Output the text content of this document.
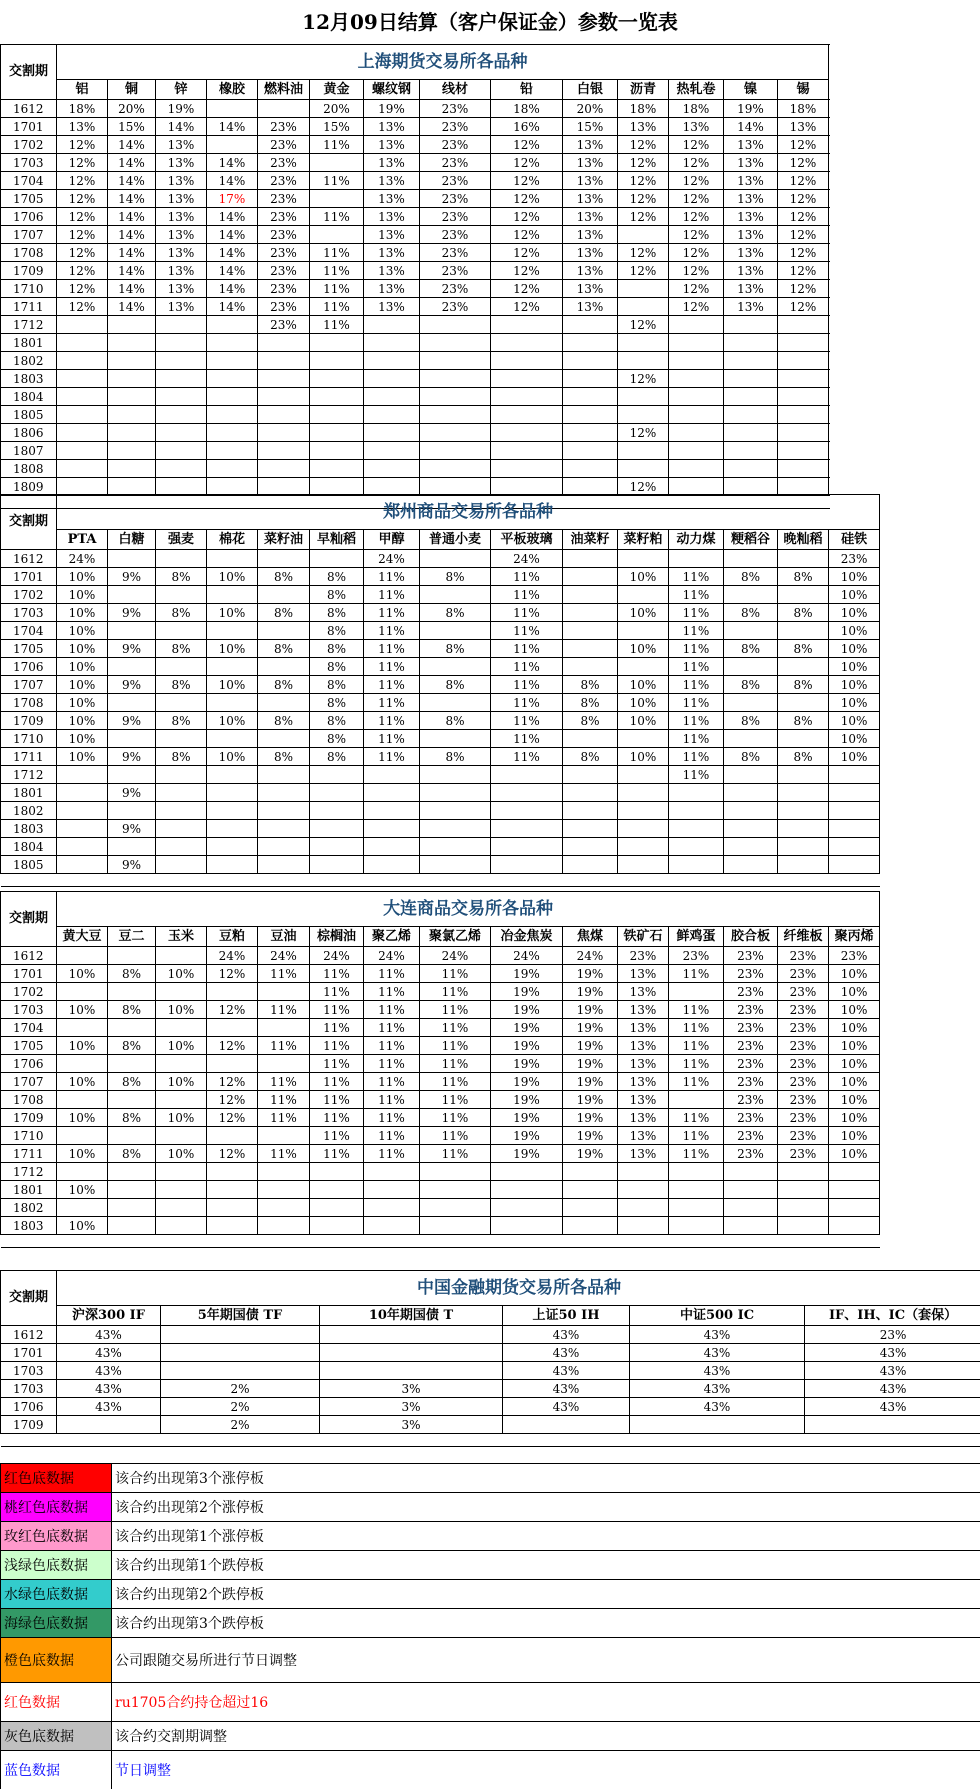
12月09日结算（客户保证金）参数一览表
交割期	上海期货交易所各品种														
	铝	铜	锌	橡胶	燃料油	黄金	螺纹钢	线材	铅	白银	沥青	热轧卷	镍	锡	
1612	18%	20%	19%			20%	19%	23%	18%	20%	18%	18%	19%	18%	
1701	13%	15%	14%	14%	23%	15%	13%	23%	16%	15%	13%	13%	14%	13%	
1702	12%	14%	13%		23%	11%	13%	23%	12%	13%	12%	12%	13%	12%	
1703	12%	14%	13%	14%	23%		13%	23%	12%	13%	12%	12%	13%	12%	
1704	12%	14%	13%	14%	23%	11%	13%	23%	12%	13%	12%	12%	13%	12%	
1705	12%	14%	13%	17%	23%		13%	23%	12%	13%	12%	12%	13%	12%	
1706	12%	14%	13%	14%	23%	11%	13%	23%	12%	13%	12%	12%	13%	12%	
1707	12%	14%	13%	14%	23%		13%	23%	12%	13%		12%	13%	12%	
1708	12%	14%	13%	14%	23%	11%	13%	23%	12%	13%	12%	12%	13%	12%	
1709	12%	14%	13%	14%	23%	11%	13%	23%	12%	13%	12%	12%	13%	12%	
1710	12%	14%	13%	14%	23%	11%	13%	23%	12%	13%		12%	13%	12%	
1711	12%	14%	13%	14%	23%	11%	13%	23%	12%	13%		12%	13%	12%	
1712					23%	11%					12%				
1801															
1802															
1803											12%				
1804															
1805															
1806											12%				
1807															
1808															
1809											12%				

交割期	郑州商品交易所各品种															
	PTA	白糖	强麦	棉花	菜籽油	早籼稻	甲醇	普通小麦	平板玻璃	油菜籽	菜籽粕	动力煤	粳稻谷	晚籼稻	硅铁	
1612	24%						24%		24%						23%	
1701	10%	9%	8%	10%	8%	8%	11%	8%	11%		10%	11%	8%	8%	10%	
1702	10%					8%	11%		11%			11%			10%	
1703	10%	9%	8%	10%	8%	8%	11%	8%	11%		10%	11%	8%	8%	10%	
1704	10%					8%	11%		11%			11%			10%	
1705	10%	9%	8%	10%	8%	8%	11%	8%	11%		10%	11%	8%	8%	10%	
1706	10%					8%	11%		11%			11%			10%	
1707	10%	9%	8%	10%	8%	8%	11%	8%	11%	8%	10%	11%	8%	8%	10%	
1708	10%					8%	11%		11%	8%	10%	11%			10%	
1709	10%	9%	8%	10%	8%	8%	11%	8%	11%	8%	10%	11%	8%	8%	10%	
1710	10%					8%	11%		11%			11%			10%	
1711	10%	9%	8%	10%	8%	8%	11%	8%	11%	8%	10%	11%	8%	8%	10%	
1712												11%				
1801		9%														
1802																
1803		9%														
1804																
1805		9%														

交割期	大连商品交易所各品种															
	黄大豆	豆二	玉米	豆粕	豆油	棕榈油	聚乙烯	聚氯乙烯	冶金焦炭	焦煤	铁矿石	鲜鸡蛋	胶合板	纤维板	聚丙烯	
1612				24%	24%	24%	24%	24%	24%	24%	23%	23%	23%	23%	23%	
1701	10%	8%	10%	12%	11%	11%	11%	11%	19%	19%	13%	11%	23%	23%	10%	
1702						11%	11%	11%	19%	19%	13%		23%	23%	10%	
1703	10%	8%	10%	12%	11%	11%	11%	11%	19%	19%	13%	11%	23%	23%	10%	
1704						11%	11%	11%	19%	19%	13%	11%	23%	23%	10%	
1705	10%	8%	10%	12%	11%	11%	11%	11%	19%	19%	13%	11%	23%	23%	10%	
1706						11%	11%	11%	19%	19%	13%	11%	23%	23%	10%	
1707	10%	8%	10%	12%	11%	11%	11%	11%	19%	19%	13%	11%	23%	23%	10%	
1708				12%	11%	11%	11%	11%	19%	19%	13%		23%	23%	10%	
1709	10%	8%	10%	12%	11%	11%	11%	11%	19%	19%	13%	11%	23%	23%	10%	
1710						11%	11%	11%	19%	19%	13%	11%	23%	23%	10%	
1711	10%	8%	10%	12%	11%	11%	11%	11%	19%	19%	13%	11%	23%	23%	10%	
1712																
1801	10%															
1802																
1803	10%															

交割期	中国金融期货交易所各品种					
	沪深300 IF	5年期国债 TF	10年期国债 T	上证50 IH	中证500 IC	IF、IH、IC（套保）
1612	43%			43%	43%	23%
1701	43%			43%	43%	43%
1703	43%			43%	43%	43%
1703	43%	2%	3%	43%	43%	43%
1706	43%	2%	3%	43%	43%	43%
1709		2%	3%			

红色底数据	该合约出现第3个涨停板
桃红色底数据	该合约出现第2个涨停板
玫红色底数据	该合约出现第1个涨停板
浅绿色底数据	该合约出现第1个跌停板
水绿色底数据	该合约出现第2个跌停板
海绿色底数据	该合约出现第3个跌停板
橙色底数据	公司跟随交易所进行节日调整
红色数据	ru1705合约持仓超过16
灰色底数据	该合约交割期调整
蓝色数据	节日调整
